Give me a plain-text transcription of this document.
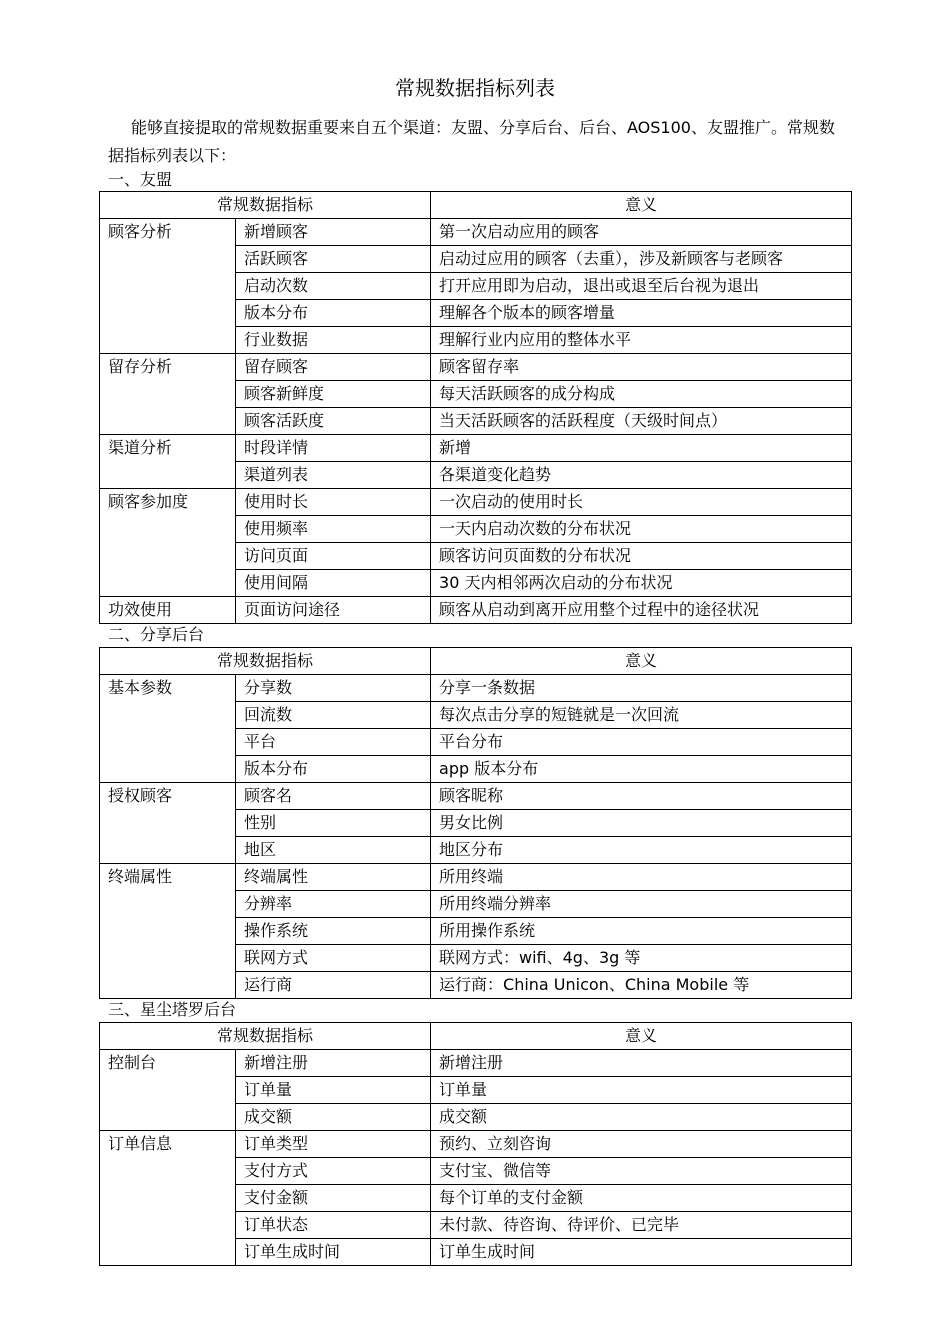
常规数据指标列表
能够直接提取的常规数据重要来自五个渠道：友盟、分享后台、后台、AOS100、友盟推广。常规数据指标列表以下：
一、友盟
常规数据指标		意义
顾客分析	新增顾客	第一次启动应用的顾客
	活跃顾客	启动过应用的顾客（去重），涉及新顾客与老顾客
	启动次数	打开应用即为启动，退出或退至后台视为退出
	版本分布	理解各个版本的顾客增量
	行业数据	理解行业内应用的整体水平
留存分析	留存顾客	顾客留存率
	顾客新鲜度	每天活跃顾客的成分构成
	顾客活跃度	当天活跃顾客的活跃程度（天级时间点）
渠道分析	时段详情	新增
	渠道列表	各渠道变化趋势
顾客参加度	使用时长	一次启动的使用时长
	使用频率	一天内启动次数的分布状况
	访问页面	顾客访问页面数的分布状况
	使用间隔	30 天内相邻两次启动的分布状况
功效使用	页面访问途径	顾客从启动到离开应用整个过程中的途径状况
二、分享后台
常规数据指标		意义
基本参数	分享数	分享一条数据
	回流数	每次点击分享的短链就是一次回流
	平台	平台分布
	版本分布	app 版本分布
授权顾客	顾客名	顾客昵称
	性别	男女比例
	地区	地区分布
终端属性	终端属性	所用终端
	分辨率	所用终端分辨率
	操作系统	所用操作系统
	联网方式	联网方式：wifi、4g、3g 等
	运行商	运行商：China Unicon、China Mobile 等
三、星尘塔罗后台
常规数据指标		意义
控制台	新增注册	新增注册
	订单量	订单量
	成交额	成交额
订单信息	订单类型	预约、立刻咨询
	支付方式	支付宝、微信等
	支付金额	每个订单的支付金额
	订单状态	未付款、待咨询、待评价、已完毕
	订单生成时间	订单生成时间
